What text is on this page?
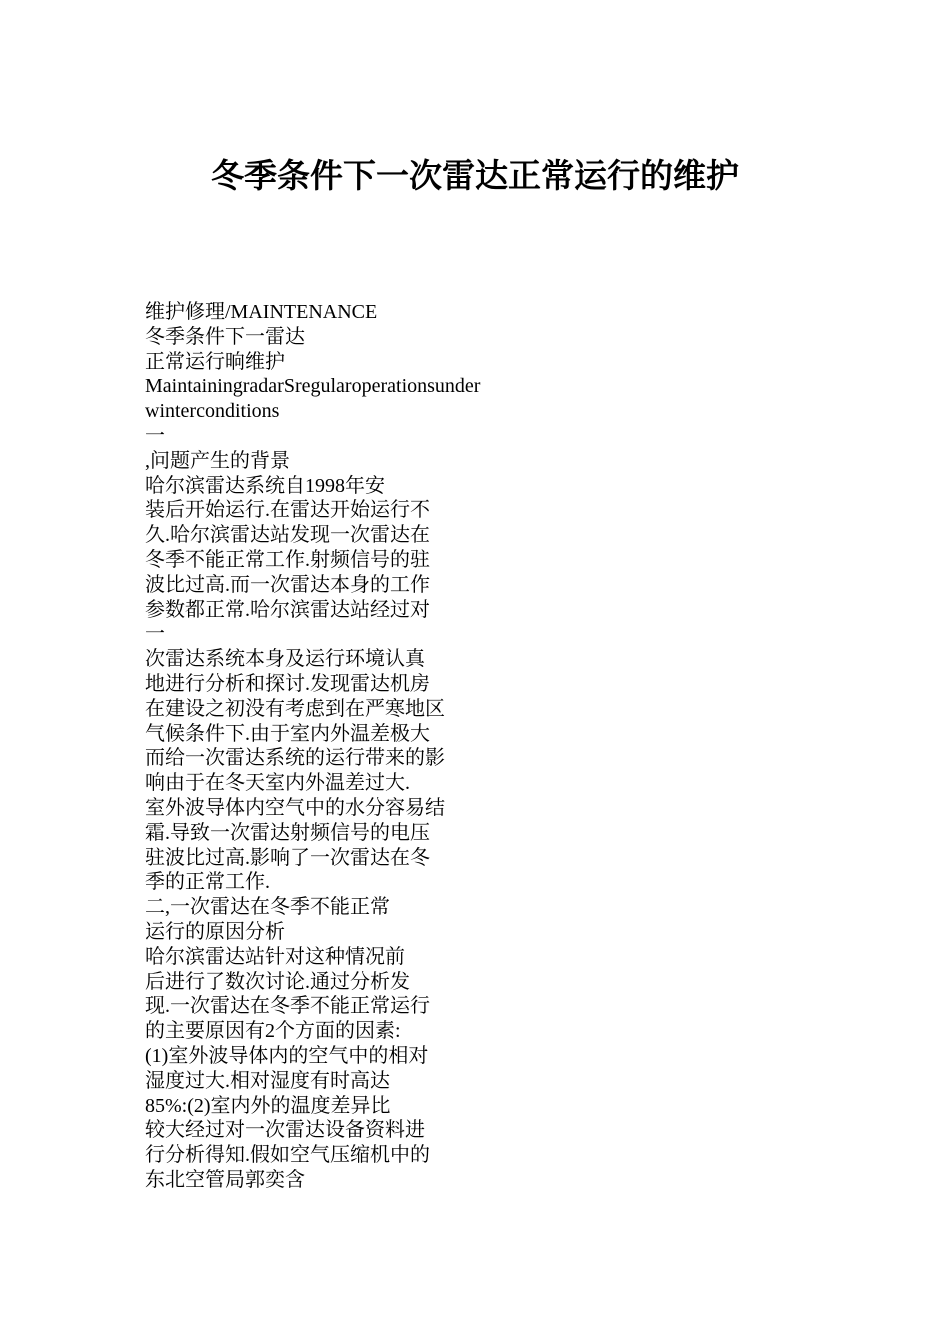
冬季条件下一次雷达正常运行的维护
维护修理/MAINTENANCE
冬季条件下一雷达
正常运行晌维护
MaintainingradarSregularoperationsunder
winterconditions
一
,问题产生的背景
哈尔滨雷达系统自1998年安
装后开始运行.在雷达开始运行不
久.哈尔滨雷达站发现一次雷达在
冬季不能正常工作.射频信号的驻
波比过高.而一次雷达本身的工作
参数都正常.哈尔滨雷达站经过对
一
次雷达系统本身及运行环境认真
地进行分析和探讨.发现雷达机房
在建设之初没有考虑到在严寒地区
气候条件下.由于室内外温差极大
而给一次雷达系统的运行带来的影
响由于在冬天室内外温差过大.
室外波导体内空气中的水分容易结
霜.导致一次雷达射频信号的电压
驻波比过高.影响了一次雷达在冬
季的正常工作.
二,一次雷达在冬季不能正常
运行的原因分析
哈尔滨雷达站针对这种情况前
后进行了数次讨论.通过分析发
现.一次雷达在冬季不能正常运行
的主要原因有2个方面的因素:
(1)室外波导体内的空气中的相对
湿度过大.相对湿度有时高达
85%:(2)室内外的温度差异比
较大经过对一次雷达设备资料进
行分析得知.假如空气压缩机中的
东北空管局郭奕含
